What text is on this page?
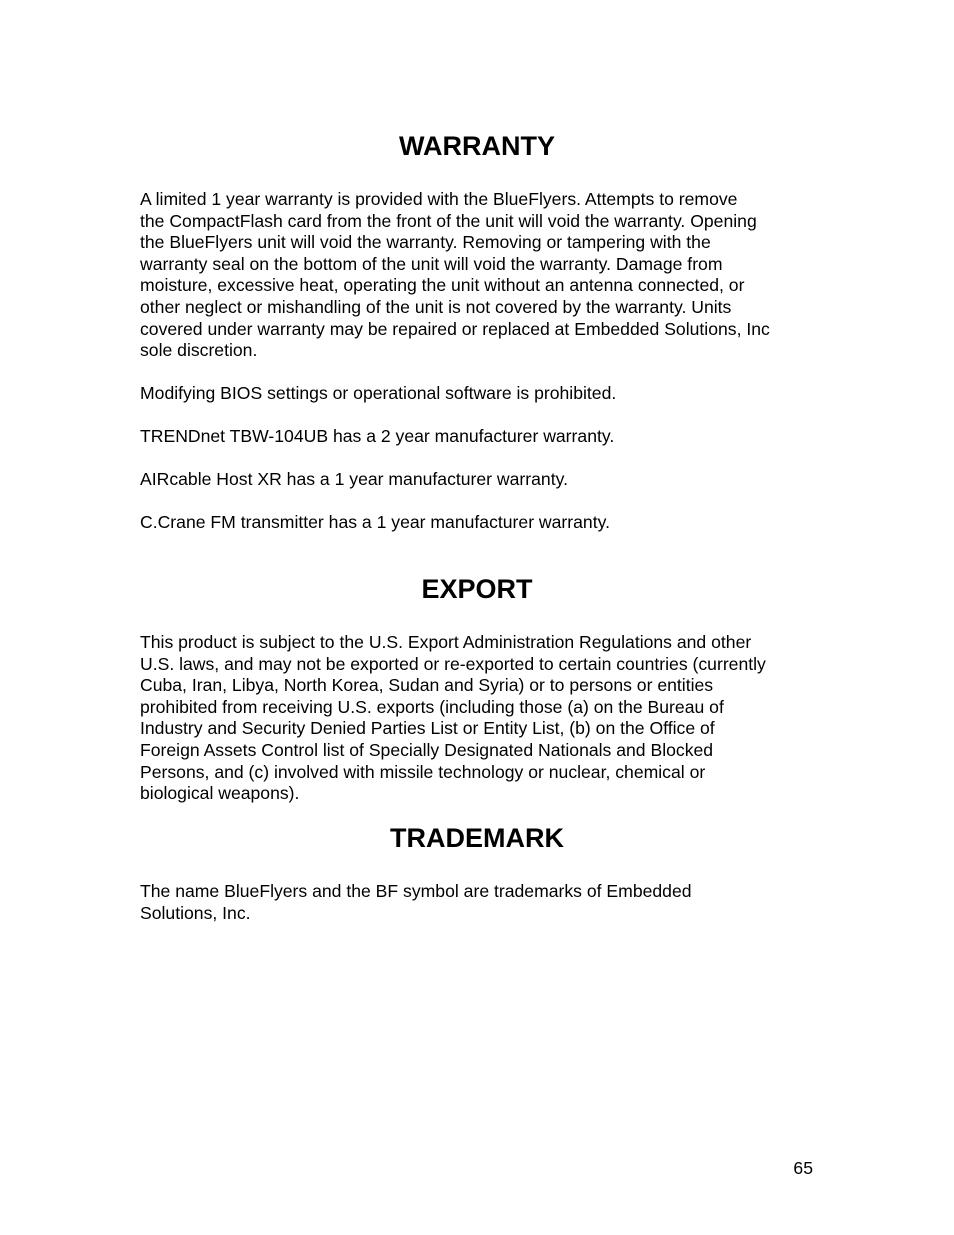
WARRANTY

A limited 1 year warranty is provided with the BlueFlyers. Attempts to remove
the CompactFlash card from the front of the unit will void the warranty. Opening
the BlueFlyers unit will void the warranty. Removing or tampering with the
warranty seal on the bottom of the unit will void the warranty. Damage from
moisture, excessive heat, operating the unit without an antenna connected, or
other neglect or mishandling of the unit is not covered by the warranty. Units
covered under warranty may be repaired or replaced at Embedded Solutions, Inc
sole discretion.

Modifying BIOS settings or operational software is prohibited.

TRENDnet TBW-104UB has a 2 year manufacturer warranty.

AIRcable Host XR has a 1 year manufacturer warranty.

C.Crane FM transmitter has a 1 year manufacturer warranty.

EXPORT

This product is subject to the U.S. Export Administration Regulations and other
U.S. laws, and may not be exported or re-exported to certain countries (currently
Cuba, Iran, Libya, North Korea, Sudan and Syria) or to persons or entities
prohibited from receiving U.S. exports (including those (a) on the Bureau of
Industry and Security Denied Parties List or Entity List, (b) on the Office of
Foreign Assets Control list of Specially Designated Nationals and Blocked
Persons, and (c) involved with missile technology or nuclear, chemical or
biological weapons).

TRADEMARK

The name BlueFlyers and the BF symbol are trademarks of Embedded
Solutions, Inc.

65
